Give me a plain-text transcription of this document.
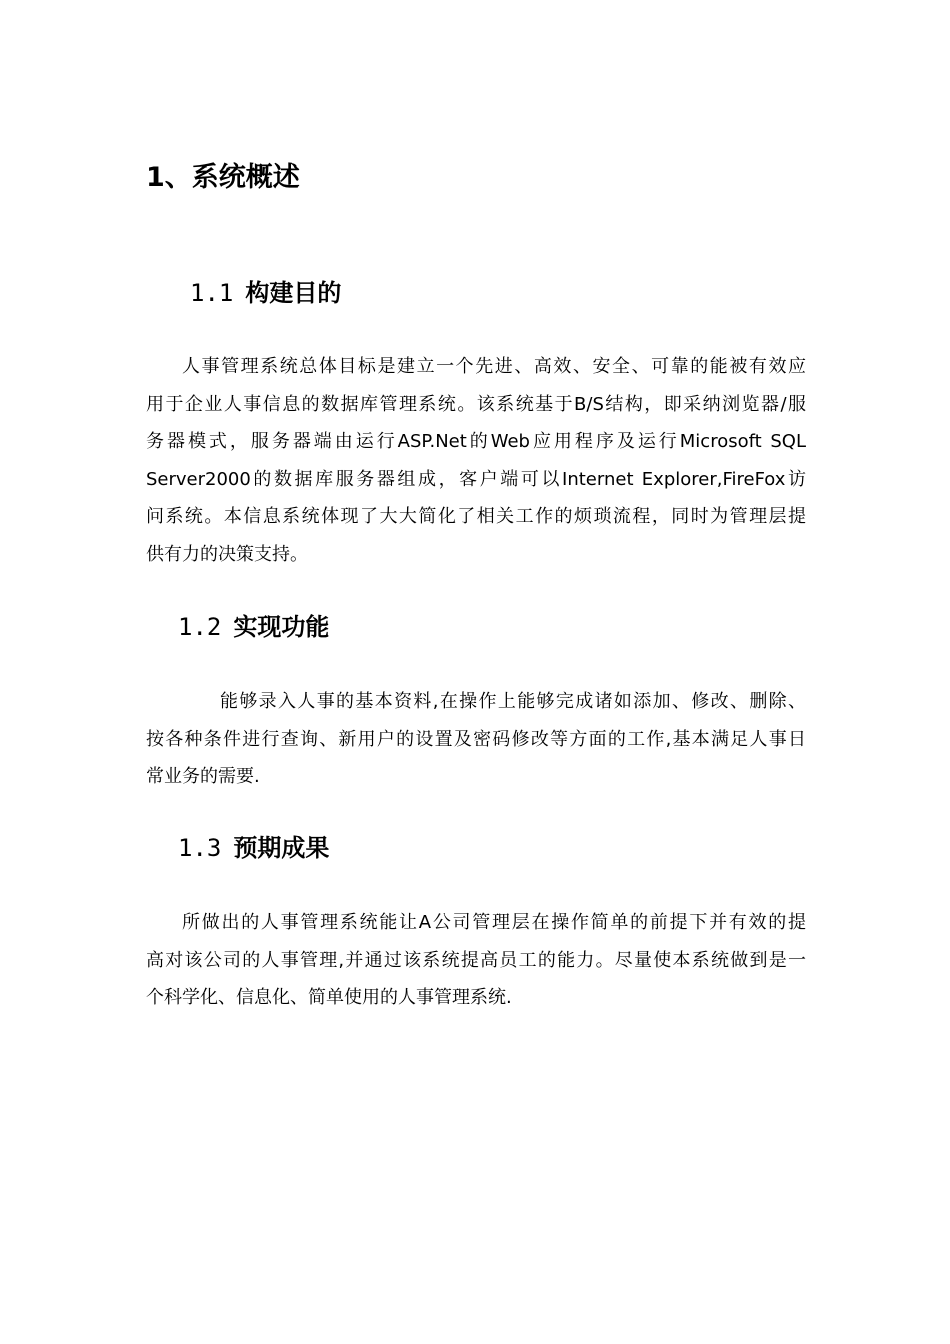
1、系统概述
1.1 构建目的
人事管理系统总体目标是建立一个先进、高效、安全、可靠的能被有效应
用于企业人事信息的数据库管理系统。该系统基于B/S结构，即采纳浏览器/服
务器模式，服务器端由运行ASP.Net的Web应用程序及运行Microsoft SQL
Server2000的数据库服务器组成，客户端可以Internet Explorer,FireFox访
问系统。本信息系统体现了大大简化了相关工作的烦琐流程，同时为管理层提
供有力的决策支持。
1.2 实现功能
能够录入人事的基本资料,在操作上能够完成诸如添加、修改、删除、
按各种条件进行查询、新用户的设置及密码修改等方面的工作,基本满足人事日
常业务的需要.
1.3 预期成果
所做出的人事管理系统能让A公司管理层在操作简单的前提下并有效的提
高对该公司的人事管理,并通过该系统提高员工的能力。尽量使本系统做到是一
个科学化、信息化、简单使用的人事管理系统.
